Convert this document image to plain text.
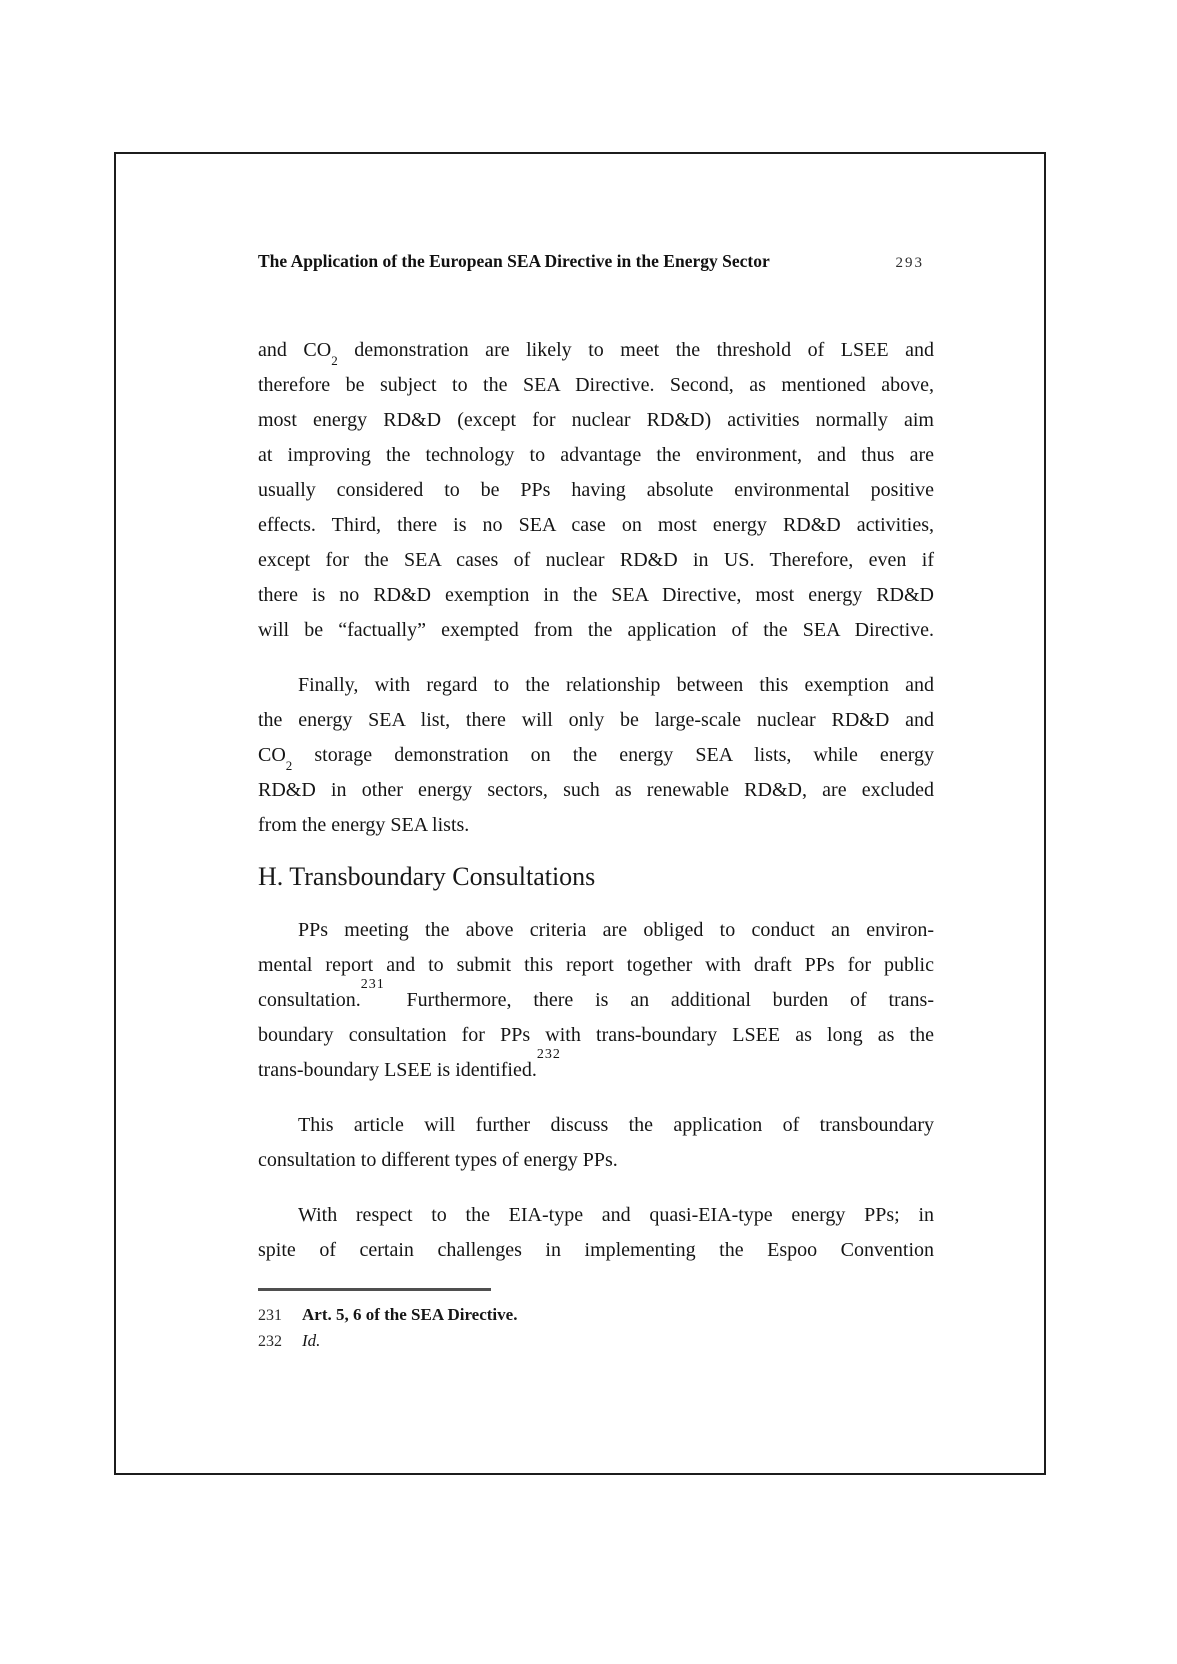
The Application of the European SEA Directive in the Energy Sector	293
and $CO_2$ demonstration are likely to meet the threshold of LSEE and
therefore be subject to the SEA Directive. Second, as mentioned above,
most energy RD&D (except for nuclear RD&D) activities normally aim
at improving the technology to advantage the environment, and thus are
usually considered to be PPs having absolute environmental positive
effects. Third, there is no SEA case on most energy RD&D activities,
except for the SEA cases of nuclear RD&D in US. Therefore, even if
there is no RD&D exemption in the SEA Directive, most energy RD&D
will be “factually” exempted from the application of the SEA Directive.
Finally, with regard to the relationship between this exemption and
the energy SEA list, there will only be large-scale nuclear RD&D and
$CO_2$ storage demonstration on the energy SEA lists, while energy
RD&D in other energy sectors, such as renewable RD&D, are excluded
from the energy SEA lists.
H. Transboundary Consultations
PPs meeting the above criteria are obliged to conduct an environ-
mental report and to submit this report together with draft PPs for public
consultation.$^{231}$ Furthermore, there is an additional burden of trans-
boundary consultation for PPs with trans-boundary LSEE as long as the
trans-boundary LSEE is identified.$^{232}$
This article will further discuss the application of transboundary
consultation to different types of energy PPs.
With respect to the EIA-type and quasi-EIA-type energy PPs; in
spite of certain challenges in implementing the Espoo Convention
231 Art. 5, 6 of the SEA Directive.
232 Id.
